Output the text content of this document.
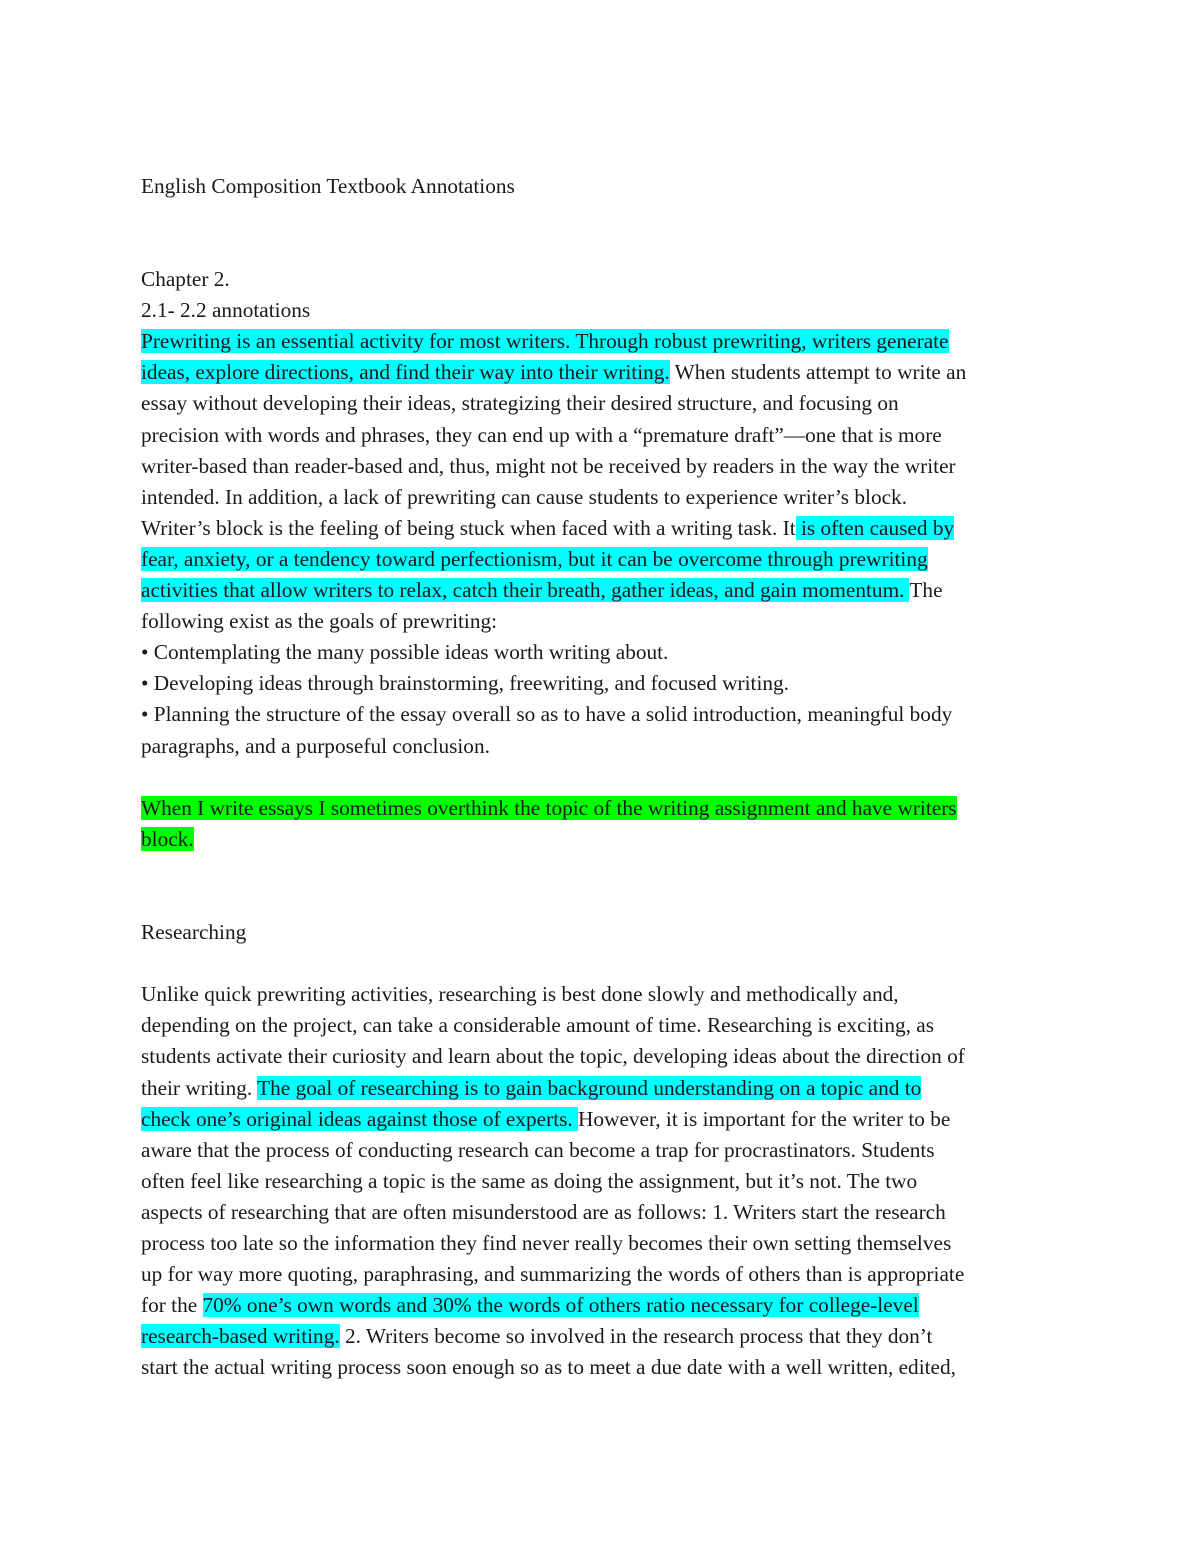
English Composition Textbook Annotations

Chapter 2.

2.1- 2.2 annotations

Prewriting is an essential activity for most writers. Through robust prewriting, writers generate
ideas, explore directions, and find their way into their writing. When students attempt to write an
essay without developing their ideas, strategizing their desired structure, and focusing on
precision with words and phrases, they can end up with a “premature draft”—one that is more
writer-based than reader-based and, thus, might not be received by readers in the way the writer
intended. In addition, a lack of prewriting can cause students to experience writer’s block.
Writer’s block is the feeling of being stuck when faced with a writing task. It is often caused by
fear, anxiety, or a tendency toward perfectionism, but it can be overcome through prewriting
activities that allow writers to relax, catch their breath, gather ideas, and gain momentum. The
following exist as the goals of prewriting:
• Contemplating the many possible ideas worth writing about.
• Developing ideas through brainstorming, freewriting, and focused writing.
• Planning the structure of the essay overall so as to have a solid introduction, meaningful body
paragraphs, and a purposeful conclusion.
When I write essays I sometimes overthink the topic of the writing assignment and have writers
block.

Researching

Unlike quick prewriting activities, researching is best done slowly and methodically and,
depending on the project, can take a considerable amount of time. Researching is exciting, as
students activate their curiosity and learn about the topic, developing ideas about the direction of
their writing. The goal of researching is to gain background understanding on a topic and to
check one’s original ideas against those of experts. However, it is important for the writer to be
aware that the process of conducting research can become a trap for procrastinators. Students
often feel like researching a topic is the same as doing the assignment, but it’s not. The two
aspects of researching that are often misunderstood are as follows: 1. Writers start the research
process too late so the information they find never really becomes their own setting themselves
up for way more quoting, paraphrasing, and summarizing the words of others than is appropriate
for the 70% one’s own words and 30% the words of others ratio necessary for college-level
research-based writing. 2. Writers become so involved in the research process that they don’t
start the actual writing process soon enough so as to meet a due date with a well written, edited,
